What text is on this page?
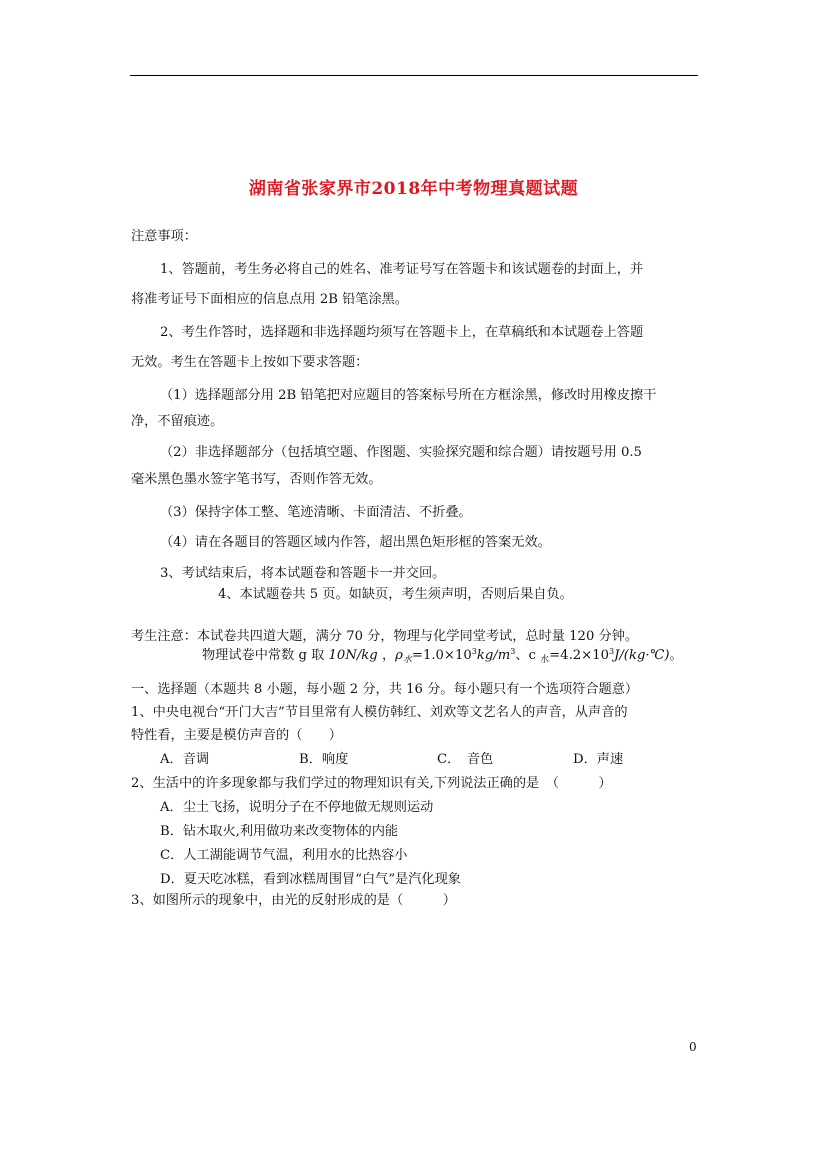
湖南省张家界市2018年中考物理真题试题
注意事项：
1、答题前，考生务必将自己的姓名、准考证号写在答题卡和该试题卷的封面上，并
将准考证号下面相应的信息点用 2B 铅笔涂黑。
2、考生作答时，选择题和非选择题均须写在答题卡上，在草稿纸和本试题卷上答题
无效。考生在答题卡上按如下要求答题：
（1）选择题部分用 2B 铅笔把对应题目的答案标号所在方框涂黑，修改时用橡皮擦干
净，不留痕迹。
（2）非选择题部分（包括填空题、作图题、实验探究题和综合题）请按题号用 0.5
毫米黑色墨水签字笔书写，否则作答无效。
（3）保持字体工整、笔迹清晰、卡面清洁、不折叠。
（4）请在各题目的答题区域内作答，超出黑色矩形框的答案无效。
3、考试结束后，将本试题卷和答题卡一并交回。
4、本试题卷共 5 页。如缺页，考生须声明，否则后果自负。
考生注意：本试卷共四道大题，满分 70 分，物理与化学同堂考试，总时量 120 分钟。
物理试卷中常数 g 取 10N/kg ，$\rho_水=1.0\times 10^3kg/m^3$、c $_水=4.2\times 10^3J/(kg\cdot℃)$。
一、选择题（本题共 8 小题，每小题 2 分，共 16 分。每小题只有一个选项符合题意）
1、中央电视台“开门大吉”节目里常有人模仿韩红、刘欢等文艺名人的声音，从声音的
特性看，主要是模仿声音的（　　）
A．音调	B．响度	C．　音色	D．声速
2、生活中的许多现象都与我们学过的物理知识有关,下列说法正确的是　（　　　）
A．尘土飞扬，说明分子在不停地做无规则运动
B．钻木取火,利用做功来改变物体的内能
C．人工湖能调节气温，利用水的比热容小
D．夏天吃冰糕，看到冰糕周围冒“白气”是汽化现象
3、如图所示的现象中，由光的反射形成的是（　　　）
0
